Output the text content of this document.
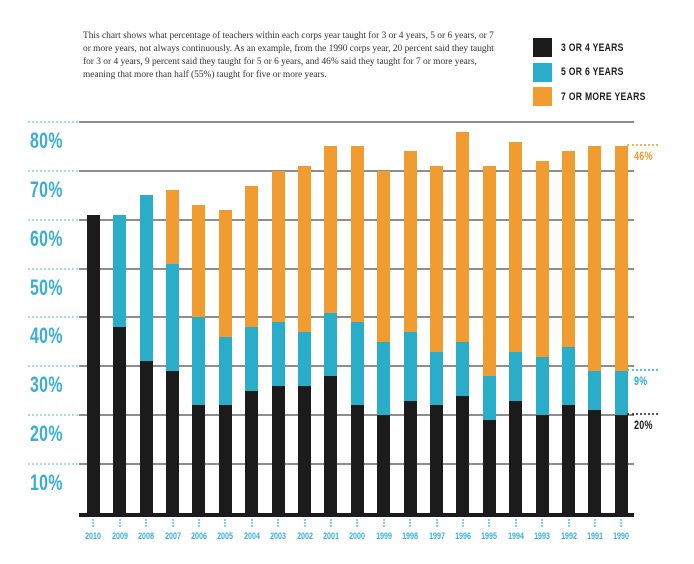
This chart shows what percentage of teachers within each corps year taught for 3 or 4 years, 5 or 6 years, or 7 or more years, not always continuously. As an example, from the 1990 corps year, 20 percent said they taught for 3 or 4 years, 9 percent said they taught for 5 or 6 years, and 46% said they taught for 7 or more years, meaning that more than half (55%) taught for five or more years.

3 OR 4 YEARS
5 OR 6 YEARS
7 OR MORE YEARS
80%
70%
60%
50%
40%
30%
20%
10%
2010	2009	2008	2007	2006	2005	2004	2003	2002	2001	2000	1999	1998	1997	1996	1995	1994	1993	1992	1991	1990
46%
9%
20%
